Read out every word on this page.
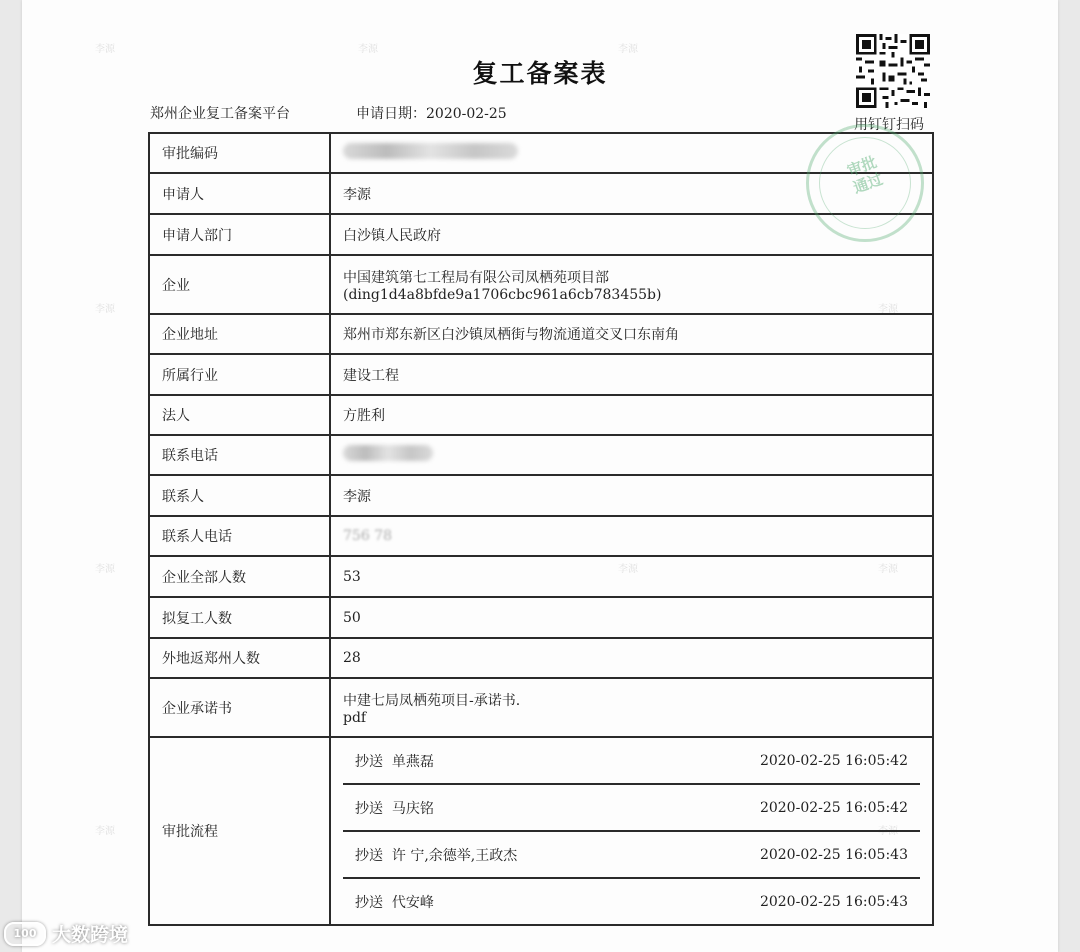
李源	李源	李源
李源	李源
李源	李源	李源
李源	李源
复工备案表
郑州企业复工备案平台	申请日期：2020-02-25
用钉钉扫码
审批编码	
申请人	李源
申请人部门	白沙镇人民政府
企业	中国建筑第七工程局有限公司凤栖苑项目部
(ding1d4a8bfde9a1706cbc961a6cb783455b)

企业地址	郑州市郑东新区白沙镇凤栖街与物流通道交叉口东南角
所属行业	建设工程
法人	方胜利
联系电话	
联系人	李源
联系人电话	756 78
企业全部人数	53
拟复工人数	50
外地返郑州人数	28
企业承诺书	中建七局凤栖苑项目-承诺书.
pdf

审批流程	
抄送 单燕磊	2020-02-25 16:05:42
抄送 马庆铭	2020-02-25 16:05:42
抄送 许 宁,余德举,王政杰	2020-02-25 16:05:43
抄送 代安峰	2020-02-25 16:05:43
审批
通过
100 大数跨境
